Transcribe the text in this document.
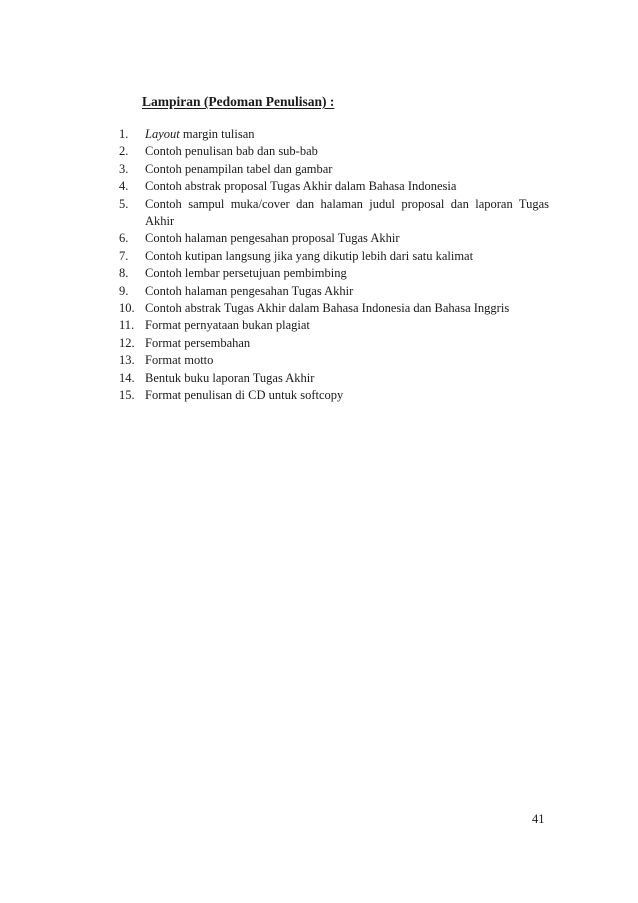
Lampiran (Pedoman Penulisan) :
1. Layout margin tulisan
2. Contoh penulisan bab dan sub-bab
3. Contoh penampilan tabel dan gambar
4. Contoh abstrak proposal Tugas Akhir dalam Bahasa Indonesia
5. Contoh sampul muka/cover dan halaman judul proposal dan laporan Tugas Akhir
6. Contoh halaman pengesahan proposal Tugas Akhir
7. Contoh kutipan langsung jika yang dikutip lebih dari satu kalimat
8. Contoh lembar persetujuan pembimbing
9. Contoh halaman pengesahan Tugas Akhir
10. Contoh abstrak Tugas Akhir dalam Bahasa Indonesia dan Bahasa Inggris
11. Format pernyataan bukan plagiat
12. Format persembahan
13. Format motto
14. Bentuk buku laporan Tugas Akhir
15. Format penulisan di CD untuk softcopy
41
